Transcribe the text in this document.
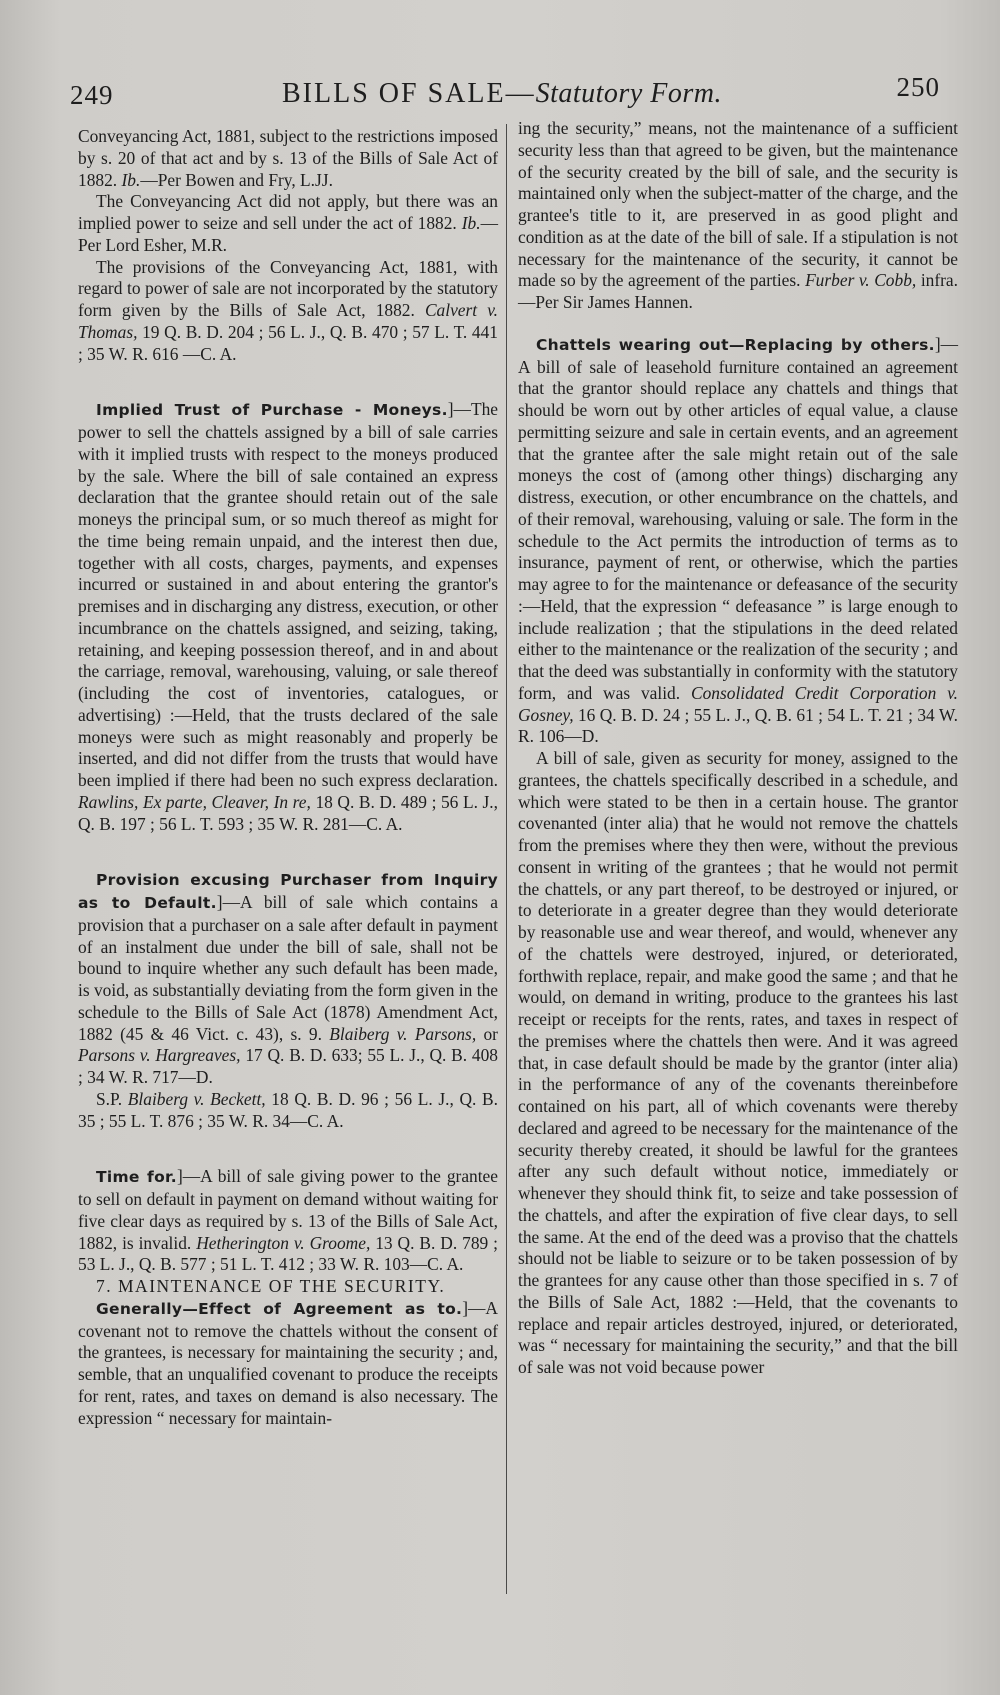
249	BILLS OF SALE—Statutory Form.	250

Conveyancing Act, 1881, subject to the restrictions imposed by s. 20 of that act and by s. 13 of the Bills of Sale Act of 1882. Ib.—Per Bowen and Fry, L.JJ.

The Conveyancing Act did not apply, but there was an implied power to seize and sell under the act of 1882. Ib.—Per Lord Esher, M.R.

The provisions of the Conveyancing Act, 1881, with regard to power of sale are not incorporated by the statutory form given by the Bills of Sale Act, 1882. Calvert v. Thomas, 19 Q. B. D. 204 ; 56 L. J., Q. B. 470 ; 57 L. T. 441 ; 35 W. R. 616 —C. A.

Implied Trust of Purchase - Moneys.]—The power to sell the chattels assigned by a bill of sale carries with it implied trusts with respect to the moneys produced by the sale. Where the bill of sale contained an express declaration that the grantee should retain out of the sale moneys the principal sum, or so much thereof as might for the time being remain unpaid, and the interest then due, together with all costs, charges, payments, and expenses incurred or sustained in and about entering the grantor's premises and in discharging any distress, execution, or other incumbrance on the chattels assigned, and seizing, taking, retaining, and keeping possession thereof, and in and about the carriage, removal, warehousing, valuing, or sale thereof (including the cost of inventories, catalogues, or advertising) :—Held, that the trusts declared of the sale moneys were such as might reasonably and properly be inserted, and did not differ from the trusts that would have been implied if there had been no such express declaration. Rawlins, Ex parte, Cleaver, In re, 18 Q. B. D. 489 ; 56 L. J., Q. B. 197 ; 56 L. T. 593 ; 35 W. R. 281—C. A.

Provision excusing Purchaser from Inquiry as to Default.]—A bill of sale which contains a provision that a purchaser on a sale after default in payment of an instalment due under the bill of sale, shall not be bound to inquire whether any such default has been made, is void, as substantially deviating from the form given in the schedule to the Bills of Sale Act (1878) Amendment Act, 1882 (45 & 46 Vict. c. 43), s. 9. Blaiberg v. Parsons, or Parsons v. Hargreaves, 17 Q. B. D. 633; 55 L. J., Q. B. 408 ; 34 W. R. 717—D.

S.P. Blaiberg v. Beckett, 18 Q. B. D. 96 ; 56 L. J., Q. B. 35 ; 55 L. T. 876 ; 35 W. R. 34—C. A.

Time for.]—A bill of sale giving power to the grantee to sell on default in payment on demand without waiting for five clear days as required by s. 13 of the Bills of Sale Act, 1882, is invalid. Hetherington v. Groome, 13 Q. B. D. 789 ; 53 L. J., Q. B. 577 ; 51 L. T. 412 ; 33 W. R. 103—C. A.

7. MAINTENANCE OF THE SECURITY.

Generally—Effect of Agreement as to.]—A covenant not to remove the chattels without the consent of the grantees, is necessary for maintaining the security ; and, semble, that an unqualified covenant to produce the receipts for rent, rates, and taxes on demand is also necessary. The expression “ necessary for maintain-

ing the security,” means, not the maintenance of a sufficient security less than that agreed to be given, but the maintenance of the security created by the bill of sale, and the security is maintained only when the subject-matter of the charge, and the grantee's title to it, are preserved in as good plight and condition as at the date of the bill of sale. If a stipulation is not necessary for the maintenance of the security, it cannot be made so by the agreement of the parties. Furber v. Cobb, infra.—Per Sir James Hannen.

Chattels wearing out—Replacing by others.]—A bill of sale of leasehold furniture contained an agreement that the grantor should replace any chattels and things that should be worn out by other articles of equal value, a clause permitting seizure and sale in certain events, and an agreement that the grantee after the sale might retain out of the sale moneys the cost of (among other things) discharging any distress, execution, or other encumbrance on the chattels, and of their removal, warehousing, valuing or sale. The form in the schedule to the Act permits the introduction of terms as to insurance, payment of rent, or otherwise, which the parties may agree to for the maintenance or defeasance of the security :—Held, that the expression “ defeasance ” is large enough to include realization ; that the stipulations in the deed related either to the maintenance or the realization of the security ; and that the deed was substantially in conformity with the statutory form, and was valid. Consolidated Credit Corporation v. Gosney, 16 Q. B. D. 24 ; 55 L. J., Q. B. 61 ; 54 L. T. 21 ; 34 W. R. 106—D.

A bill of sale, given as security for money, assigned to the grantees, the chattels specifically described in a schedule, and which were stated to be then in a certain house. The grantor covenanted (inter alia) that he would not remove the chattels from the premises where they then were, without the previous consent in writing of the grantees ; that he would not permit the chattels, or any part thereof, to be destroyed or injured, or to deteriorate in a greater degree than they would deteriorate by reasonable use and wear thereof, and would, whenever any of the chattels were destroyed, injured, or deteriorated, forthwith replace, repair, and make good the same ; and that he would, on demand in writing, produce to the grantees his last receipt or receipts for the rents, rates, and taxes in respect of the premises where the chattels then were. And it was agreed that, in case default should be made by the grantor (inter alia) in the performance of any of the covenants thereinbefore contained on his part, all of which covenants were thereby declared and agreed to be necessary for the maintenance of the security thereby created, it should be lawful for the grantees after any such default without notice, immediately or whenever they should think fit, to seize and take possession of the chattels, and after the expiration of five clear days, to sell the same. At the end of the deed was a proviso that the chattels should not be liable to seizure or to be taken possession of by the grantees for any cause other than those specified in s. 7 of the Bills of Sale Act, 1882 :—Held, that the covenants to replace and repair articles destroyed, injured, or deteriorated, was “ necessary for maintaining the security,” and that the bill of sale was not void because power
